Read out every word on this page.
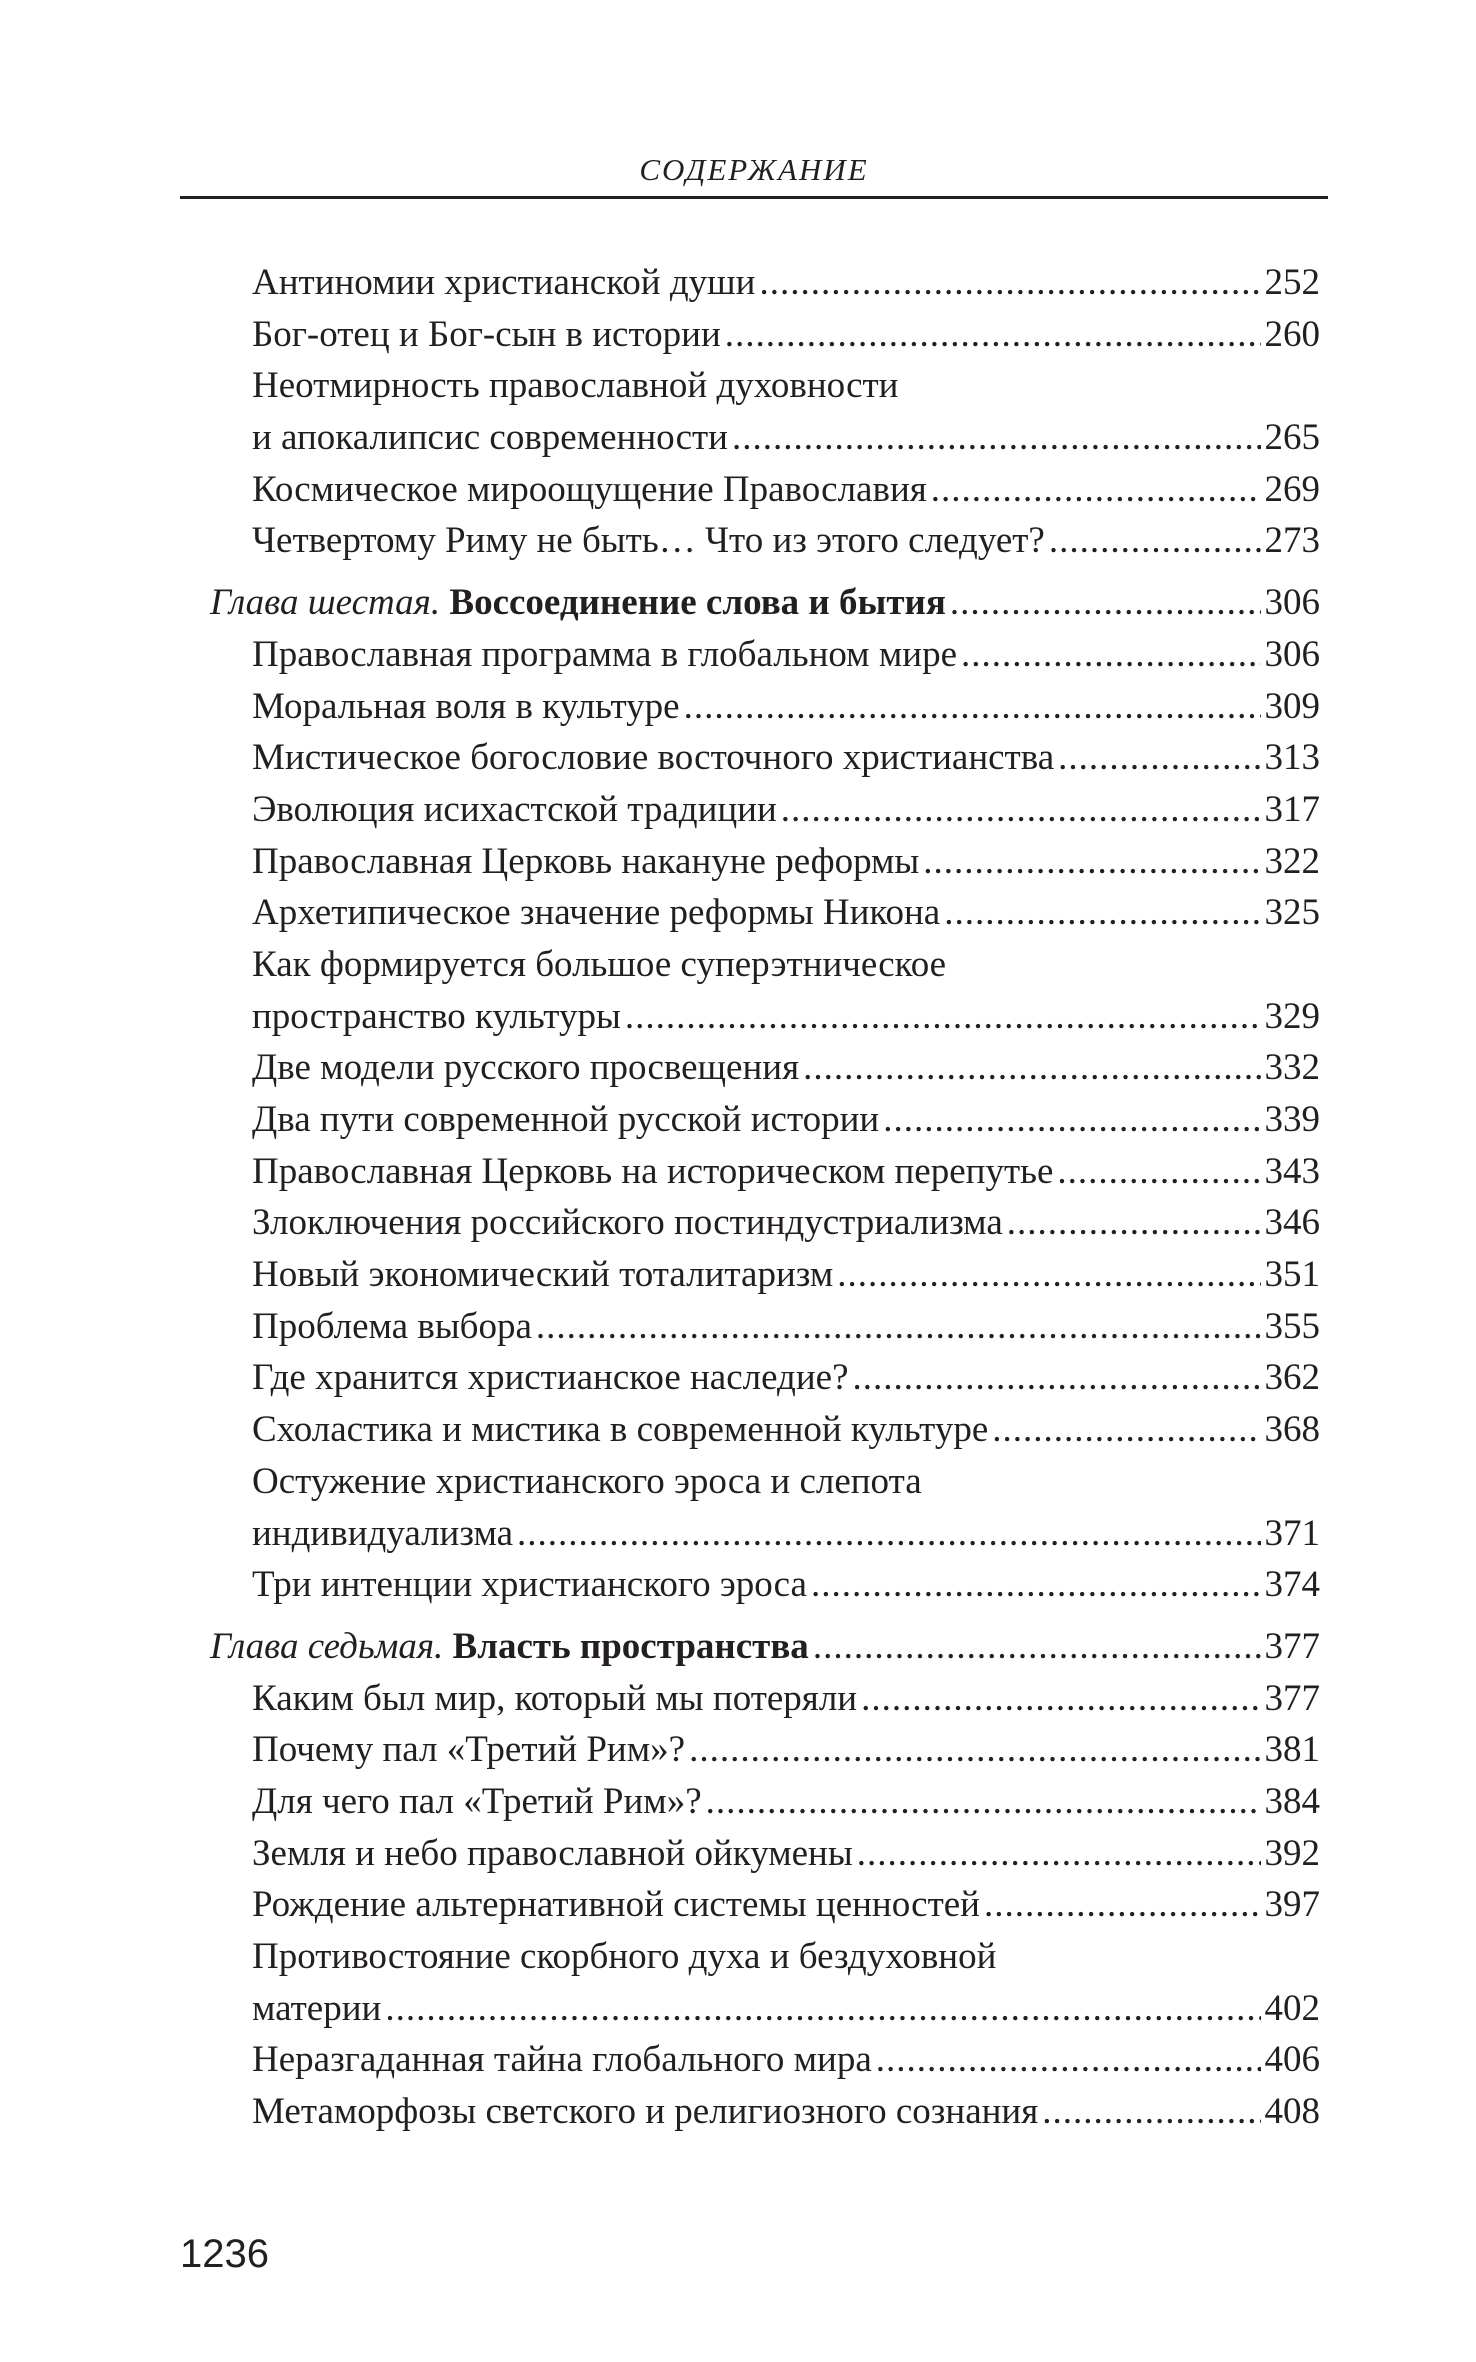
СОДЕРЖАНИЕ
Антиномии христианской души .....	252
Бог-отец и Бог-сын в истории .....	260
Неотмирность православной духовности
и апокалипсис современности .....	265
Космическое мироощущение Православия .....	269
Четвертому Риму не быть… Что из этого следует? .....	273
Глава шестая. Воссоединение слова и бытия .....	306
Православная программа в глобальном мире .....	306
Моральная воля в культуре .....	309
Мистическое богословие восточного христианства .....	313
Эволюция исихастской традиции .....	317
Православная Церковь накануне реформы .....	322
Архетипическое значение реформы Никона .....	325
Как формируется большое суперэтническое
пространство культуры .....	329
Две модели русского просвещения .....	332
Два пути современной русской истории .....	339
Православная Церковь на историческом перепутье .....	343
Злоключения российского постиндустриализма .....	346
Новый экономический тоталитаризм .....	351
Проблема выбора .....	355
Где хранится христианское наследие? .....	362
Схоластика и мистика в современной культуре .....	368
Остужение христианского эроса и слепота
индивидуализма .....	371
Три интенции христианского эроса .....	374
Глава седьмая. Власть пространства .....	377
Каким был мир, который мы потеряли .....	377
Почему пал «Третий Рим»? .....	381
Для чего пал «Третий Рим»? .....	384
Земля и небо православной ойкумены .....	392
Рождение альтернативной системы ценностей .....	397
Противостояние скорбного духа и бездуховной
материи .....	402
Неразгаданная тайна глобального мира .....	406
Метаморфозы светского и религиозного сознания .....	408
1236
